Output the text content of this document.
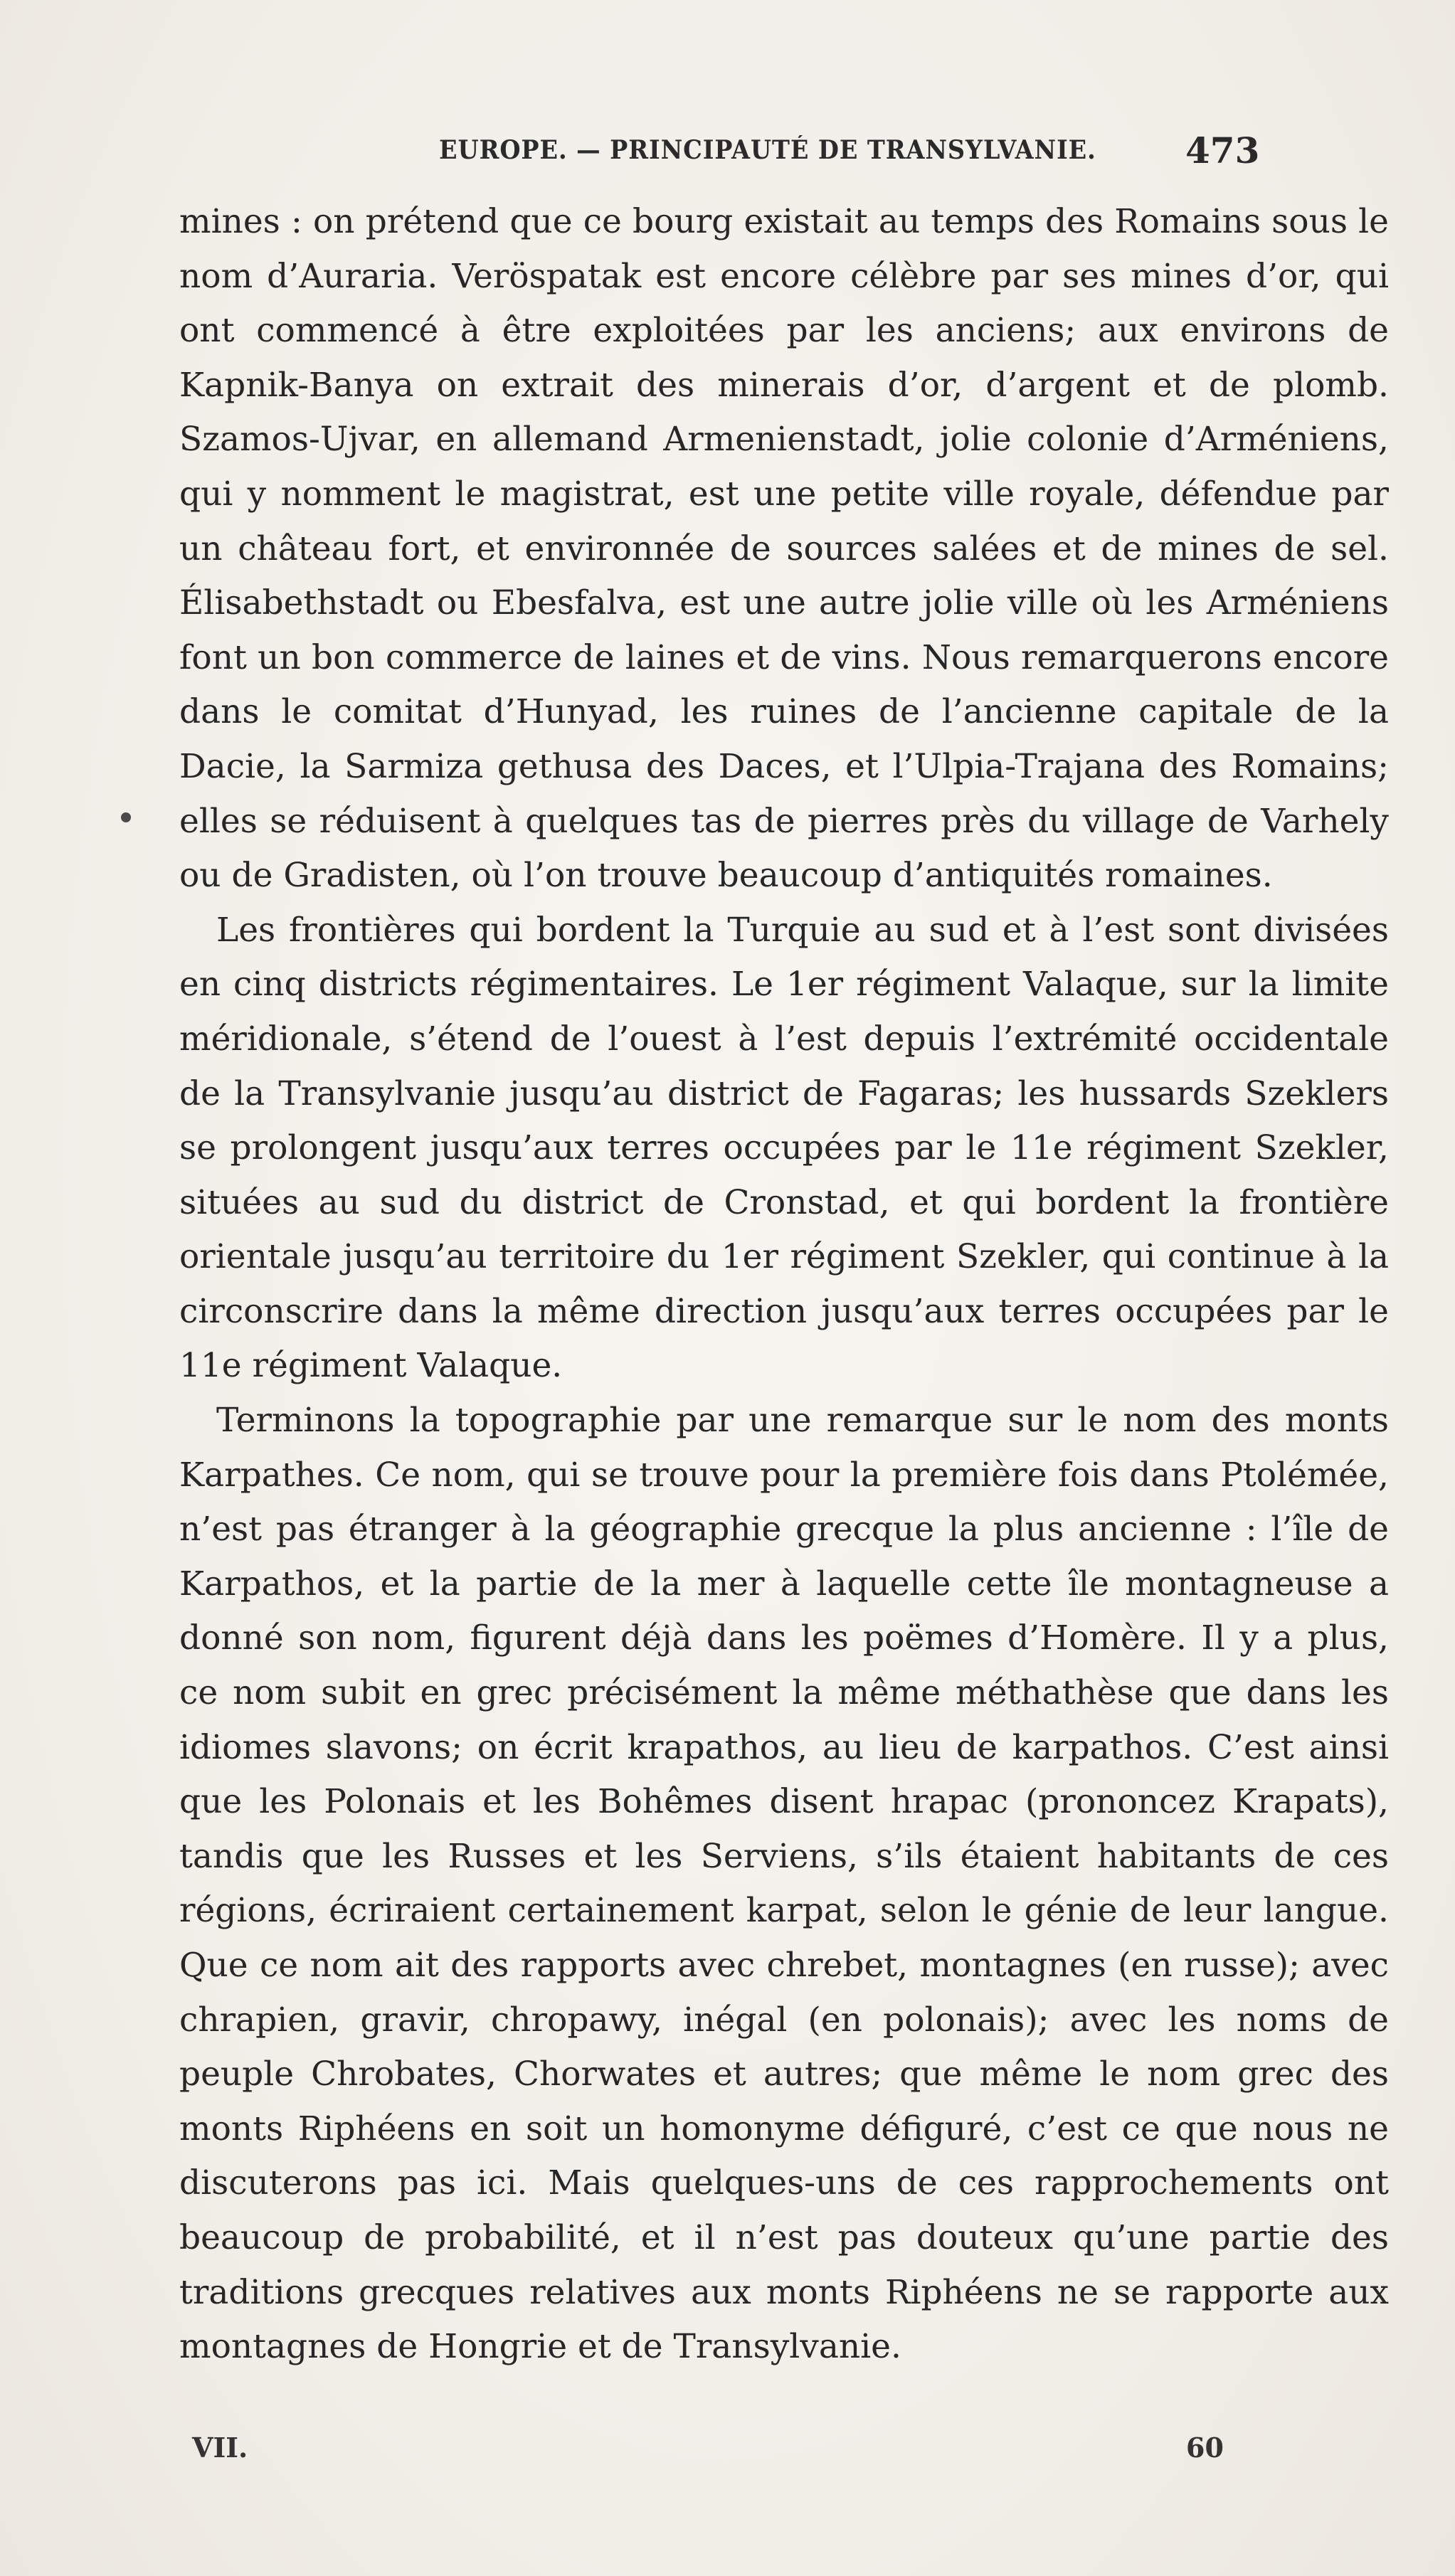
EUROPE. — PRINCIPAUTÉ DE TRANSYLVANIE.	473

mines : on prétend que ce bourg existait au temps des Romains sous le nom d’Auraria. Veröspatak est encore célèbre par ses mines d’or, qui ont commencé à être exploitées par les anciens; aux environs de Kapnik-Banya on extrait des minerais d’or, d’argent et de plomb. Szamos-Ujvar, en allemand Armenienstadt, jolie colonie d’Arméniens, qui y nomment le magistrat, est une petite ville royale, défendue par un château fort, et environnée de sources salées et de mines de sel. Élisabethstadt ou Ebesfalva, est une autre jolie ville où les Arméniens font un bon commerce de laines et de vins. Nous remarquerons encore dans le comitat d’Hunyad, les ruines de l’ancienne capitale de la Dacie, la Sarmiza gethusa des Daces, et l’Ulpia-Trajana des Romains; elles se réduisent à quelques tas de pierres près du village de Varhely ou de Gradisten, où l’on trouve beaucoup d’antiquités romaines.

Les frontières qui bordent la Turquie au sud et à l’est sont divisées en cinq districts régimentaires. Le 1er régiment Valaque, sur la limite méridionale, s’étend de l’ouest à l’est depuis l’extrémité occidentale de la Transylvanie jusqu’au district de Fagaras; les hussards Szeklers se prolongent jusqu’aux terres occupées par le 11e régiment Szekler, situées au sud du district de Cronstad, et qui bordent la frontière orientale jusqu’au territoire du 1er régiment Szekler, qui continue à la circonscrire dans la même direction jusqu’aux terres occupées par le 11e régiment Valaque.

Terminons la topographie par une remarque sur le nom des monts Karpathes. Ce nom, qui se trouve pour la première fois dans Ptolémée, n’est pas étranger à la géographie grecque la plus ancienne : l’île de Karpathos, et la partie de la mer à laquelle cette île montagneuse a donné son nom, figurent déjà dans les poëmes d’Homère. Il y a plus, ce nom subit en grec précisément la même méthathèse que dans les idiomes slavons; on écrit krapathos, au lieu de karpathos. C’est ainsi que les Polonais et les Bohêmes disent hrapac (prononcez Krapats), tandis que les Russes et les Serviens, s’ils étaient habitants de ces régions, écriraient certainement karpat, selon le génie de leur langue. Que ce nom ait des rapports avec chrebet, montagnes (en russe); avec chrapien, gravir, chropawy, inégal (en polonais); avec les noms de peuple Chrobates, Chorwates et autres; que même le nom grec des monts Riphéens en soit un homonyme défiguré, c’est ce que nous ne discuterons pas ici. Mais quelques-uns de ces rapprochements ont beaucoup de probabilité, et il n’est pas douteux qu’une partie des traditions grecques relatives aux monts Riphéens ne se rapporte aux montagnes de Hongrie et de Transylvanie.

VII.	60
